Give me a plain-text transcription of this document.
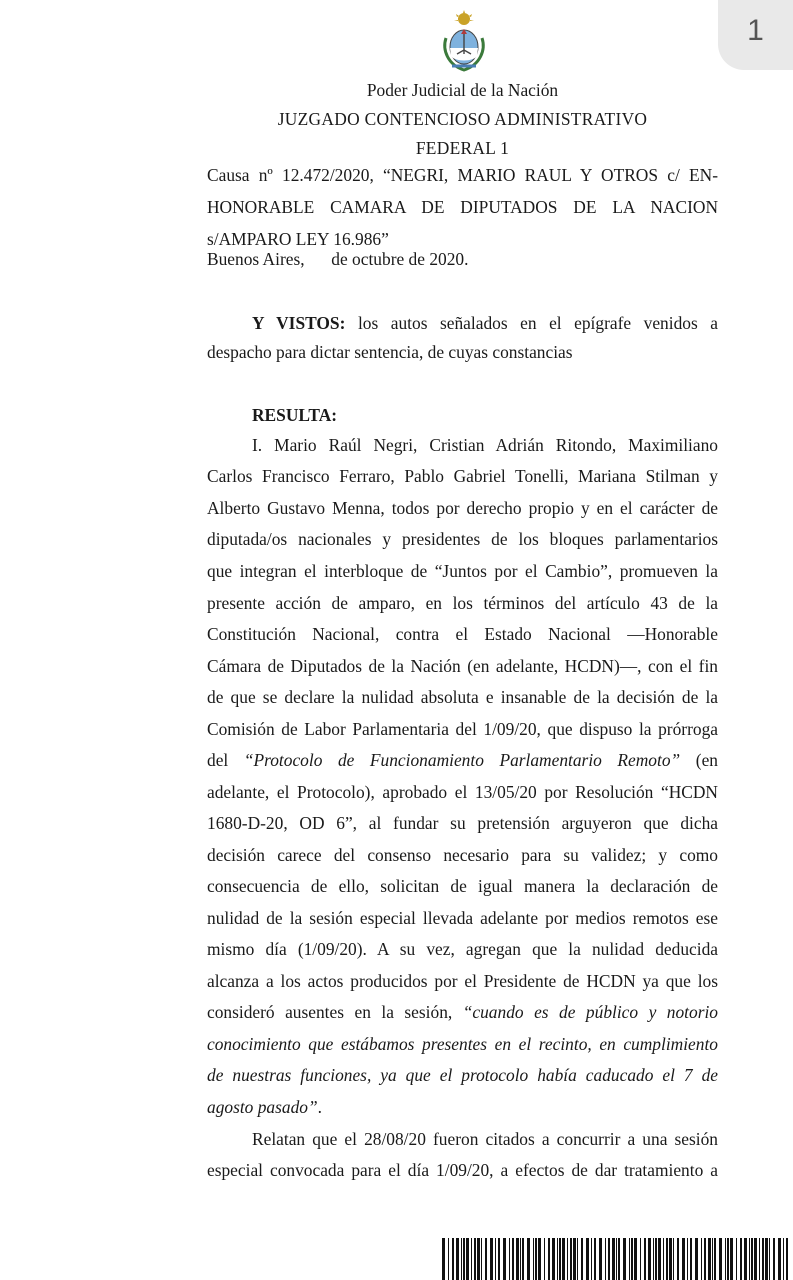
1
Poder Judicial de la Nación
JUZGADO CONTENCIOSO ADMINISTRATIVO
FEDERAL 1
Causa nº 12.472/2020, “NEGRI, MARIO RAUL Y OTROS c/ EN-
HONORABLE CAMARA DE DIPUTADOS DE LA NACION
s/AMPARO LEY 16.986”
Buenos Aires, de octubre de 2020.
Y VISTOS: los autos señalados en el epígrafe venidos a
despacho para dictar sentencia, de cuyas constancias
RESULTA:
I. Mario Raúl Negri, Cristian Adrián Ritondo, Maximiliano
Carlos Francisco Ferraro, Pablo Gabriel Tonelli, Mariana Stilman y
Alberto Gustavo Menna, todos por derecho propio y en el carácter de
diputada/os nacionales y presidentes de los bloques parlamentarios
que integran el interbloque de “Juntos por el Cambio”, promueven la
presente acción de amparo, en los términos del artículo 43 de la
Constitución Nacional, contra el Estado Nacional —Honorable
Cámara de Diputados de la Nación (en adelante, HCDN)—, con el fin
de que se declare la nulidad absoluta e insanable de la decisión de la
Comisión de Labor Parlamentaria del 1/09/20, que dispuso la prórroga
del “Protocolo de Funcionamiento Parlamentario Remoto” (en
adelante, el Protocolo), aprobado el 13/05/20 por Resolución “HCDN
1680-D-20, OD 6”, al fundar su pretensión arguyeron que dicha
decisión carece del consenso necesario para su validez; y como
consecuencia de ello, solicitan de igual manera la declaración de
nulidad de la sesión especial llevada adelante por medios remotos ese
mismo día (1/09/20). A su vez, agregan que la nulidad deducida
alcanza a los actos producidos por el Presidente de HCDN ya que los
consideró ausentes en la sesión, “cuando es de público y notorio
conocimiento que estábamos presentes en el recinto, en cumplimiento
de nuestras funciones, ya que el protocolo había caducado el 7 de
agosto pasado”.
Relatan que el 28/08/20 fueron citados a concurrir a una sesión
especial convocada para el día 1/09/20, a efectos de dar tratamiento a
